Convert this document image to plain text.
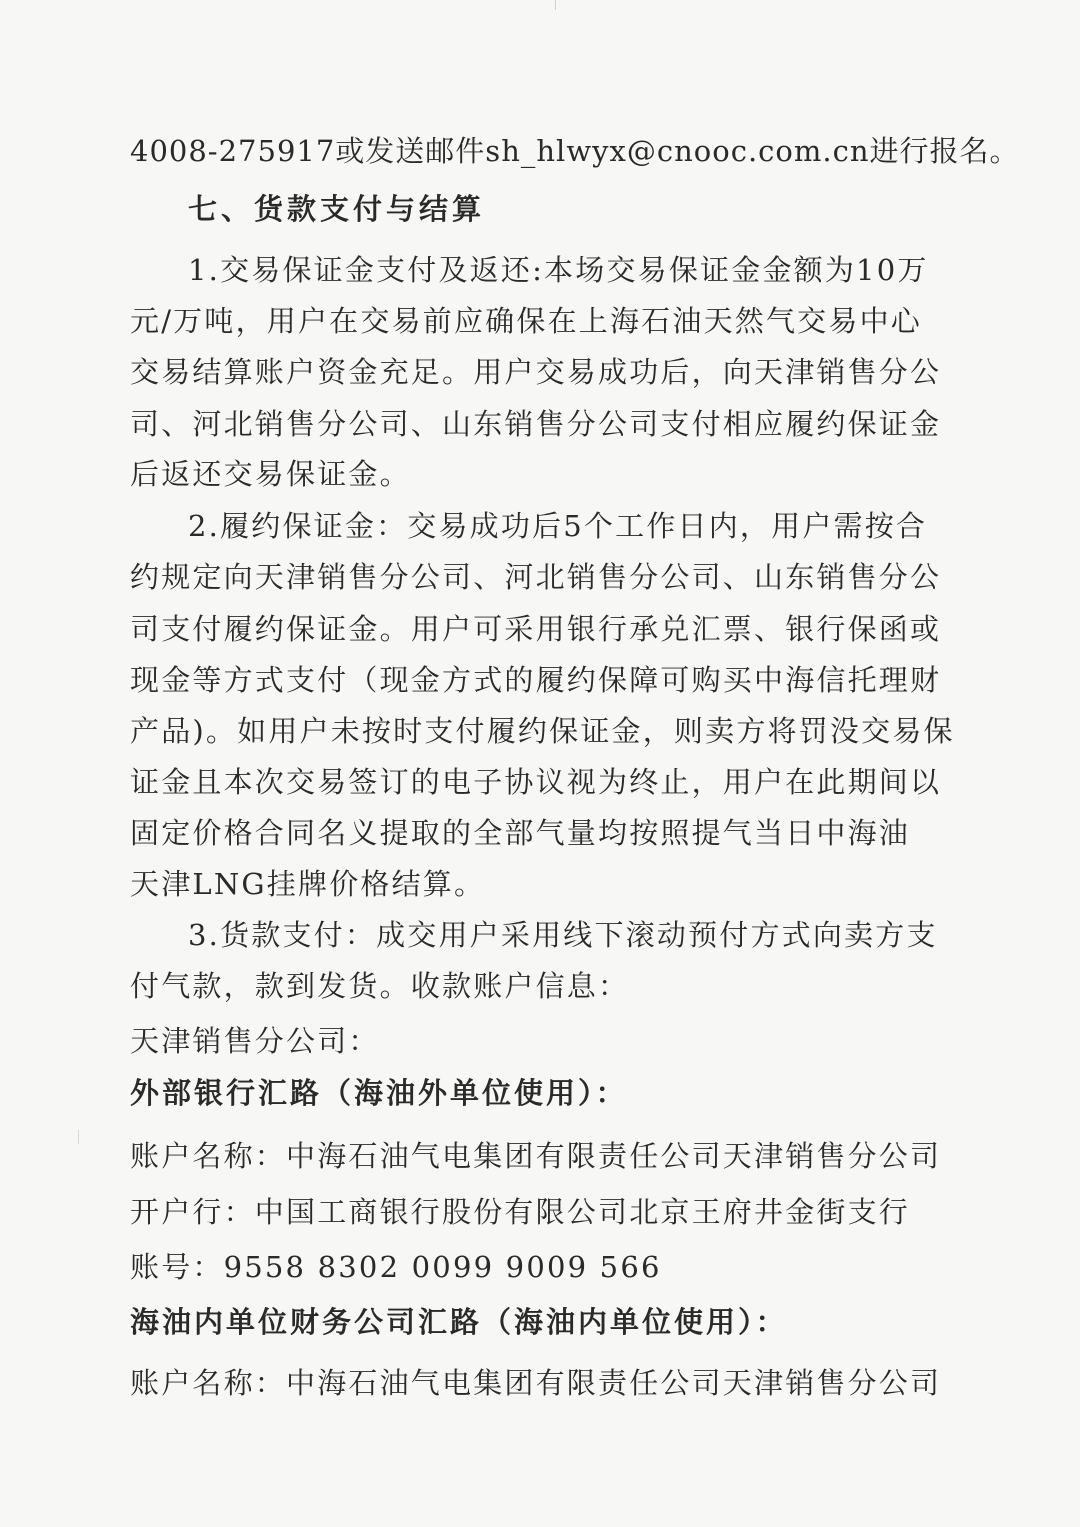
4008-275917或发送邮件sh_hlwyx@cnooc.com.cn进行报名。
七、货款支付与结算
1.交易保证金支付及返还:本场交易保证金金额为10万
元/万吨，用户在交易前应确保在上海石油天然气交易中心
交易结算账户资金充足。用户交易成功后，向天津销售分公
司、河北销售分公司、山东销售分公司支付相应履约保证金
后返还交易保证金。
2.履约保证金：交易成功后5个工作日内，用户需按合
约规定向天津销售分公司、河北销售分公司、山东销售分公
司支付履约保证金。用户可采用银行承兑汇票、银行保函或
现金等方式支付（现金方式的履约保障可购买中海信托理财
产品)。如用户未按时支付履约保证金，则卖方将罚没交易保
证金且本次交易签订的电子协议视为终止，用户在此期间以
固定价格合同名义提取的全部气量均按照提气当日中海油
天津LNG挂牌价格结算。
3.货款支付：成交用户采用线下滚动预付方式向卖方支
付气款，款到发货。收款账户信息：
天津销售分公司：
外部银行汇路（海油外单位使用）：
账户名称：中海石油气电集团有限责任公司天津销售分公司
开户行：中国工商银行股份有限公司北京王府井金街支行
账号：9558 8302 0099 9009 566
海油内单位财务公司汇路（海油内单位使用）：
账户名称：中海石油气电集团有限责任公司天津销售分公司
